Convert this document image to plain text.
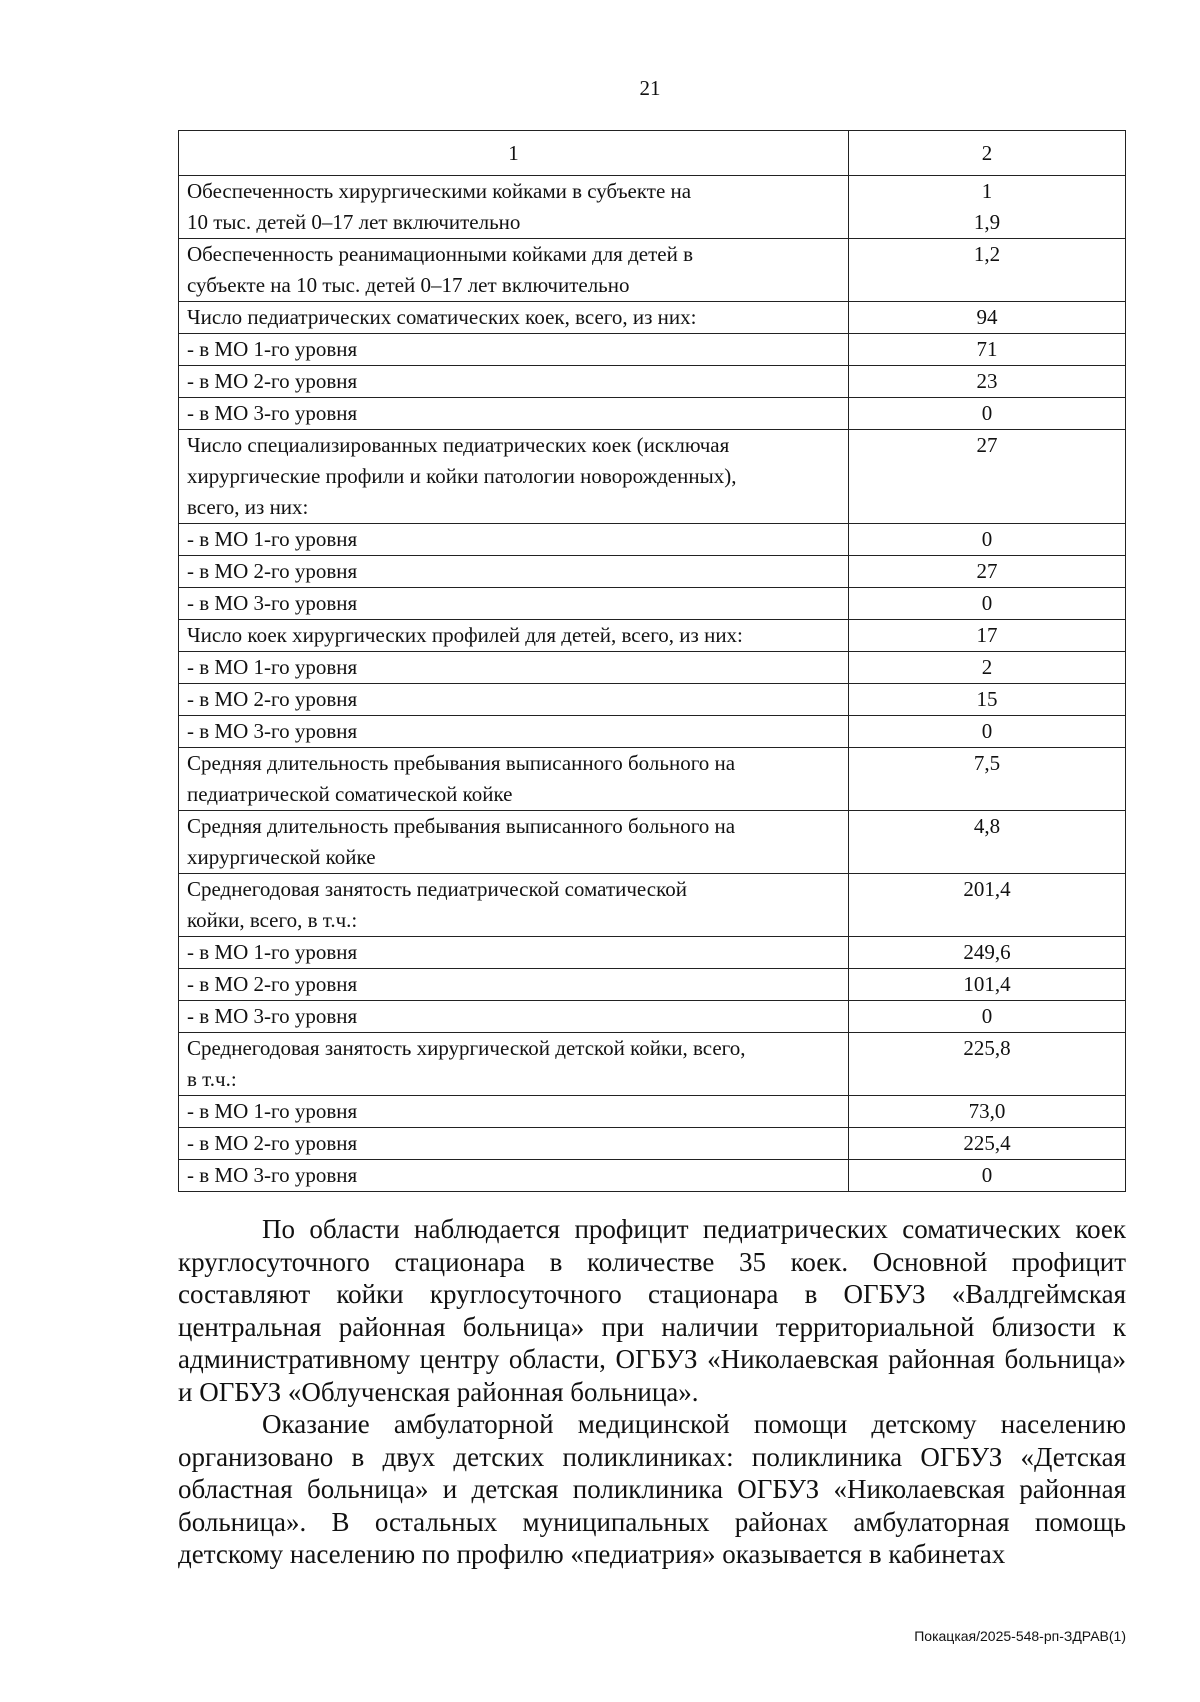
21
1	2

Обеспеченность хирургическими койками в субъекте на
10 тыс. детей 0–17 лет включительно	1
1,9

Обеспеченность реанимационными койками для детей в
субъекте на 10 тыс. детей 0–17 лет включительно	1,2

Число педиатрических соматических коек, всего, из них:	94

- в МО 1-го уровня	71

- в МО 2-го уровня	23

- в МО 3-го уровня	0

Число специализированных педиатрических коек (исключая
хирургические профили и койки патологии новорожденных),
всего, из них:	27

- в МО 1-го уровня	0

- в МО 2-го уровня	27

- в МО 3-го уровня	0

Число коек хирургических профилей для детей, всего, из них:	17

- в МО 1-го уровня	2

- в МО 2-го уровня	15

- в МО 3-го уровня	0

Средняя длительность пребывания выписанного больного на
педиатрической соматической койке	7,5

Средняя длительность пребывания выписанного больного на
хирургической койке	4,8

Среднегодовая занятость педиатрической соматической
койки, всего, в т.ч.:	201,4

- в МО 1-го уровня	249,6

- в МО 2-го уровня	101,4

- в МО 3-го уровня	0

Среднегодовая занятость хирургической детской койки, всего,
в т.ч.:	225,8

- в МО 1-го уровня	73,0

- в МО 2-го уровня	225,4

- в МО 3-го уровня	0

По области наблюдается профицит педиатрических соматических коек круглосуточного стационара в количестве 35 коек. Основной профицит составляют койки круглосуточного стационара в ОГБУЗ «Валдгеймская центральная районная больница» при наличии территориальной близости к административному центру области, ОГБУЗ «Николаевская районная больница» и ОГБУЗ «Облученская районная больница».

Оказание амбулаторной медицинской помощи детскому населению организовано в двух детских поликлиниках: поликлиника ОГБУЗ «Детская областная больница» и детская поликлиника ОГБУЗ «Николаевская районная больница». В остальных муниципальных районах амбулаторная помощь детскому населению по профилю «педиатрия» оказывается в кабинетах

Покацкая/2025-548-рп-ЗДРАВ(1)
